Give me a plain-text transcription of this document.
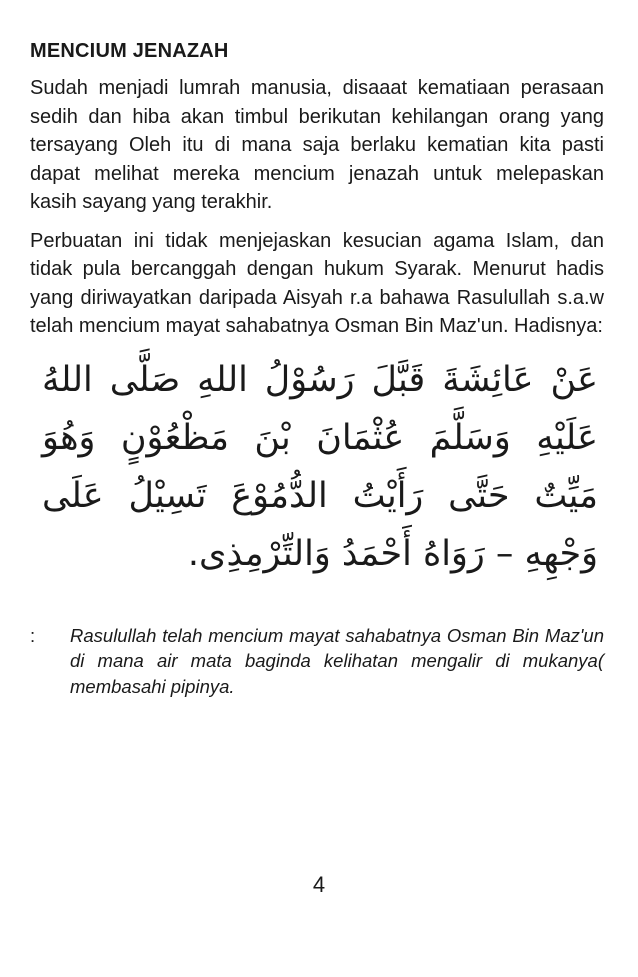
MENCIUM JENAZAH

Sudah menjadi lumrah manusia, disaaat kematiaan perasaan sedih dan hiba akan timbul berikutan kehilangan orang yang tersayang Oleh itu di mana saja berlaku kematian kita pasti dapat melihat mereka mencium jenazah untuk melepaskan kasih sayang yang terakhir.

Perbuatan ini tidak menjejaskan kesucian agama Islam, dan tidak pula bercanggah dengan hukum Syarak. Menurut hadis yang diriwayatkan daripada Aisyah r.a bahawa Rasulullah s.a.w telah mencium mayat sahabatnya Osman Bin Maz'un. Hadisnya:

عَنْ عَائِشَةَ قَبَّلَ رَسُوْلُ اللهِ صَلَّى اللهُ عَلَيْهِ وَسَلَّمَ عُثْمَانَ بْنَ مَظْعُوْنٍ وَهُوَ مَيِّتٌ حَتَّى رَأَيْتُ الدُّمُوْعَ تَسِيْلُ عَلَى وَجْهِهِ – رَوَاهُ أَحْمَدُ وَالتِّرْمِذِى.
: Rasulullah telah mencium mayat sahabatnya Osman Bin Maz'un di mana air mata baginda kelihatan mengalir di mukanya( membasahi pipinya.
4
